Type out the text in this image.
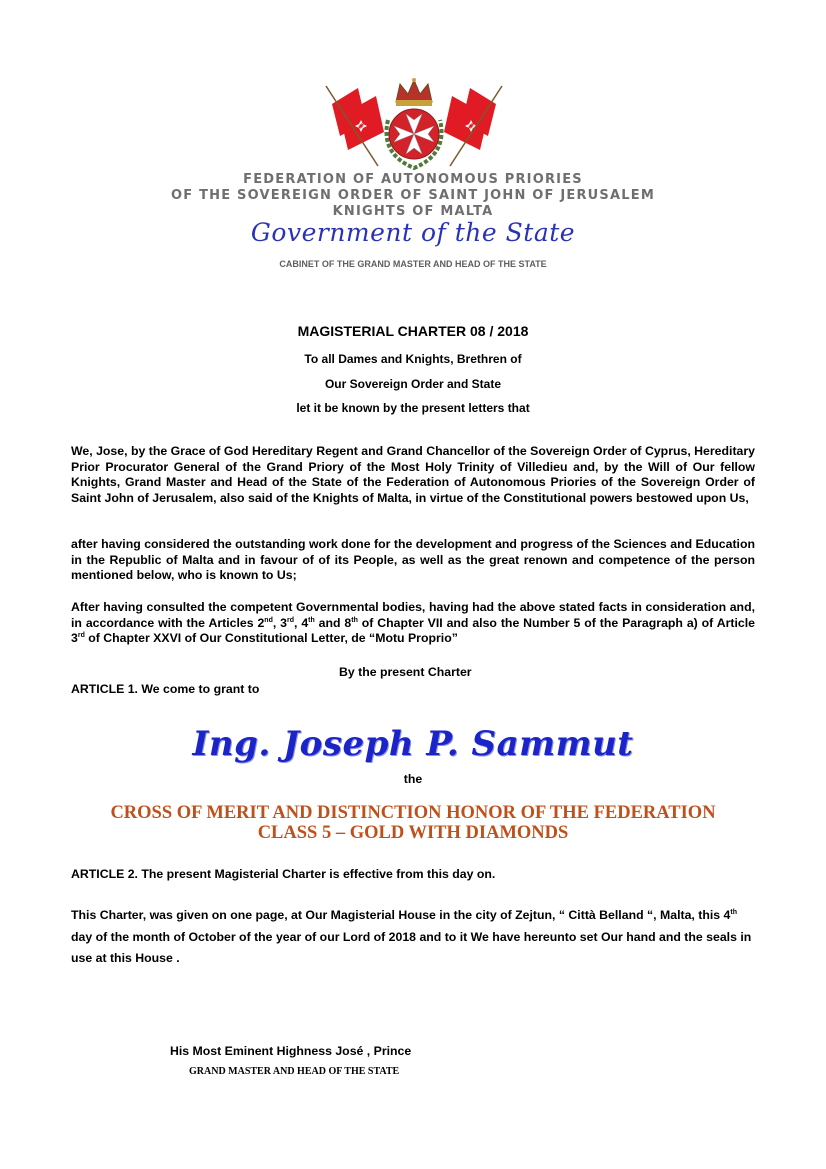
FEDERATION OF AUTONOMOUS PRIORIES
OF THE SOVEREIGN ORDER OF SAINT JOHN OF JERUSALEM
KNIGHTS OF MALTA
Government of the State
CABINET OF THE GRAND MASTER AND HEAD OF THE STATE
MAGISTERIAL CHARTER 08 / 2018
To all Dames and Knights, Brethren of
Our Sovereign Order and State
let it be known by the present letters that
We, Jose, by the Grace of God Hereditary Regent and Grand Chancellor of the Sovereign Order of Cyprus, Hereditary Prior Procurator General of the Grand Priory of the Most Holy Trinity of Villedieu and, by the Will of Our fellow Knights, Grand Master and Head of the State of the Federation of Autonomous Priories of the Sovereign Order of Saint John of Jerusalem, also said of the Knights of Malta, in virtue of the Constitutional powers bestowed upon Us,
after having considered the outstanding work done for the development and progress of the Sciences and Education in the Republic of Malta and in favour of of its People, as well as the great renown and competence of the person mentioned below, who is known to Us;
After having consulted the competent Governmental bodies, having had the above stated facts in consideration and, in accordance with the Articles 2nd, 3rd, 4th and 8th of Chapter VII and also the Number 5 of the Paragraph a) of Article 3rd of Chapter XXVI of Our Constitutional Letter, de “Motu Proprio”
By the present Charter
ARTICLE 1. We come to grant to
Ing. Joseph P. Sammut
the
CROSS OF MERIT AND DISTINCTION HONOR OF THE FEDERATION
CLASS 5 – GOLD WITH DIAMONDS
ARTICLE 2. The present Magisterial Charter is effective from this day on.
This Charter, was given on one page, at Our Magisterial House in the city of Zejtun, “ Città Belland “, Malta, this 4th day of the month of October of the year of our Lord of 2018 and to it We have hereunto set Our hand and the seals in use at this House .
His Most Eminent Highness José , Prince
GRAND MASTER AND HEAD OF THE STATE
